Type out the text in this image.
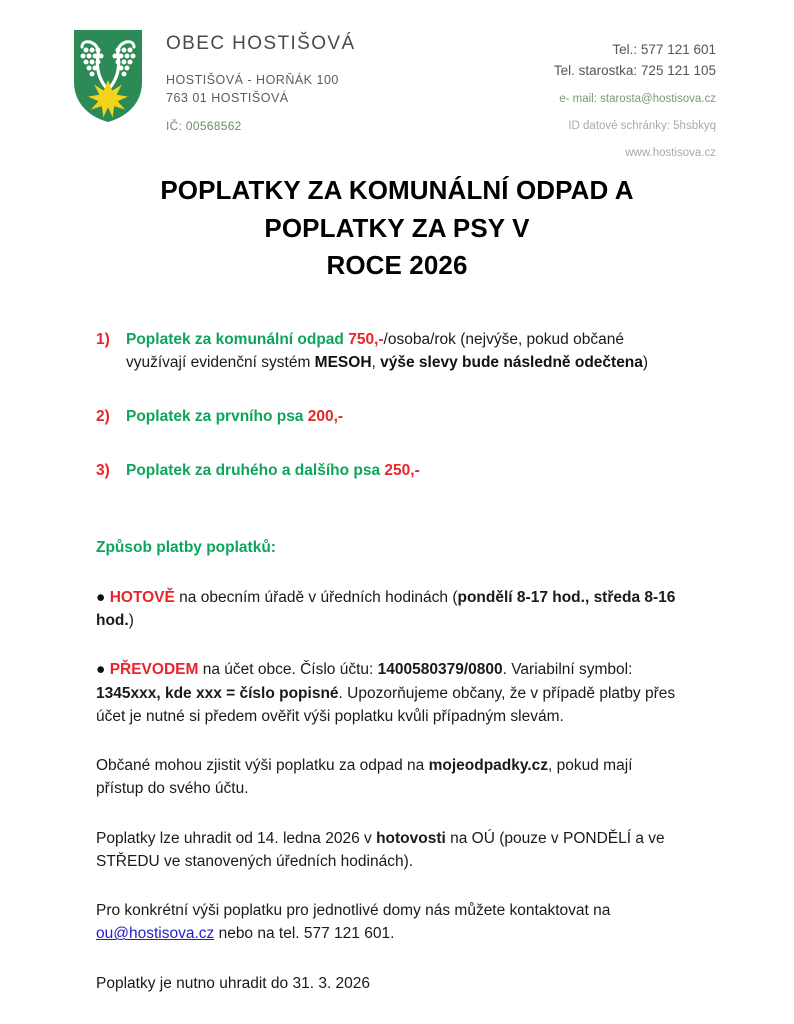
OBEC HOSTIŠOVÁ
HOSTIŠOVÁ - HORŇÁK 100
763 01 HOSTIŠOVÁ
IČ: 00568562
Tel.: 577 121 601
Tel. starostka: 725 121 105
e- mail: starosta@hostisova.cz
ID datové schránky: 5hsbkyq
www.hostisova.cz
POPLATKY ZA KOMUNÁLNÍ ODPAD A
POPLATKY ZA PSY V
ROCE 2026
1) Poplatek za komunální odpad 750,-/osoba/rok (nejvýše, pokud občané využívají evidenční systém MESOH, výše slevy bude následně odečtena)
2) Poplatek za prvního psa 200,-
3) Poplatek za druhého a dalšího psa 250,-
Způsob platby poplatků:

● HOTOVĚ na obecním úřadě v úředních hodinách (pondělí 8-17 hod., středa 8-16 hod.)

● PŘEVODEM na účet obce. Číslo účtu: 1400580379/0800. Variabilní symbol: 1345xxx, kde xxx = číslo popisné. Upozorňujeme občany, že v případě platby přes účet je nutné si předem ověřit výši poplatku kvůli případným slevám.

Občané mohou zjistit výši poplatku za odpad na mojeodpadky.cz, pokud mají přístup do svého účtu.

Poplatky lze uhradit od 14. ledna 2026 v hotovosti na OÚ (pouze v PONDĚLÍ a ve STŘEDU ve stanovených úředních hodinách).

Pro konkrétní výši poplatku pro jednotlivé domy nás můžete kontaktovat na ou@hostisova.cz nebo na tel. 577 121 601.

Poplatky je nutno uhradit do 31. 3. 2026
